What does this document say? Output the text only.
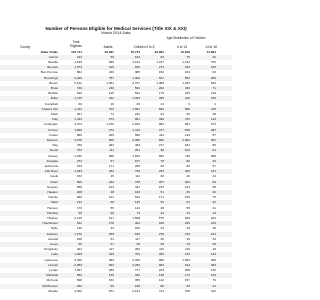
Number of Persons Eligible for Medical Services (Title XIX & XXI)
March 2014 Data
Age Distribution of Children
Total
Eligibles
County	Adults	Children 0 to 5	6 to 13	14 to 18
State Totals	115,711	26,837	76,774	29,681	12,810	14,664
Aurora	244	59	163	60	75	32
Beadle	4,545	960	3,193	1,017	1,013	476
Bennett	1,074	419	935	274	343	106
Bon Homme	864	246	385	152	164	63
Brookings	2,246	757	1,469	627	591	253
Brown	5,102	1,301	3,767	1,389	1,463	542
Brule	749	240	509	202	186	71
Buffalo	640	145	542	175	225	149
Butte	1,735	442	1,393	465	440	165
Campbell	60	16	45	14	6	4
Charles Mix	2,311	703	1,567	556	668	315
Clark	267	74	222	64	66	48
Clay	1,433	574	961	346	372	146
Codington	3,073	1,070	2,183	884	861	373
Corson	1,800	372	1,113	377	546	287
Custer	869	205	580	411	143	57
Davison	3,278	819	2,396	892	1,009	381
Day	766	283	483	217	181	85
Deuel	372	111	261	98	102	61
Dewey	2,232	598	1,634	503	749	383
Douglas	274	67	197	78	80	40
Edmunds	319	171	208	69	82	57
Fall River	1,043	334	709	233	305	131
Faulk	153	45	111	38	40	24
Grant	800	242	478	207	202	69
Gregory	658	193	421	163	191	85
Haakon	208	48	160	51	69	20
Hamlin	669	131	533	171	169	75
Hand	213	68	145	52	61	32
Hanson	179	55	124	48	55	21
Harding	99	26	73	23	31	19
Hughes	2,125	617	1,508	575	609	324
Hutchinson	642	178	464	189	169	106
Hyde	149	44	105	23	34	48
Jackson	1,070	255	815	278	373	164
Jerauld	168	51	117	45	39	33
Jones	95	27	68	25	23	20
Kingsbury	401	117	284	116	119	49
Lake	1,029	329	700	292	274	134
Lawrence	3,439	993	2,446	908	1,054	484
Lincoln	2,953	693	2,260	963	914	383
Lyman	1,057	286	771	243	308	130
Marshall	562	120	442	138	170	134
McCook	508	153	355	122	157	76
McPherson	262	66	196	86	69	41
Meade	3,002	871	2,131	741	978	412
